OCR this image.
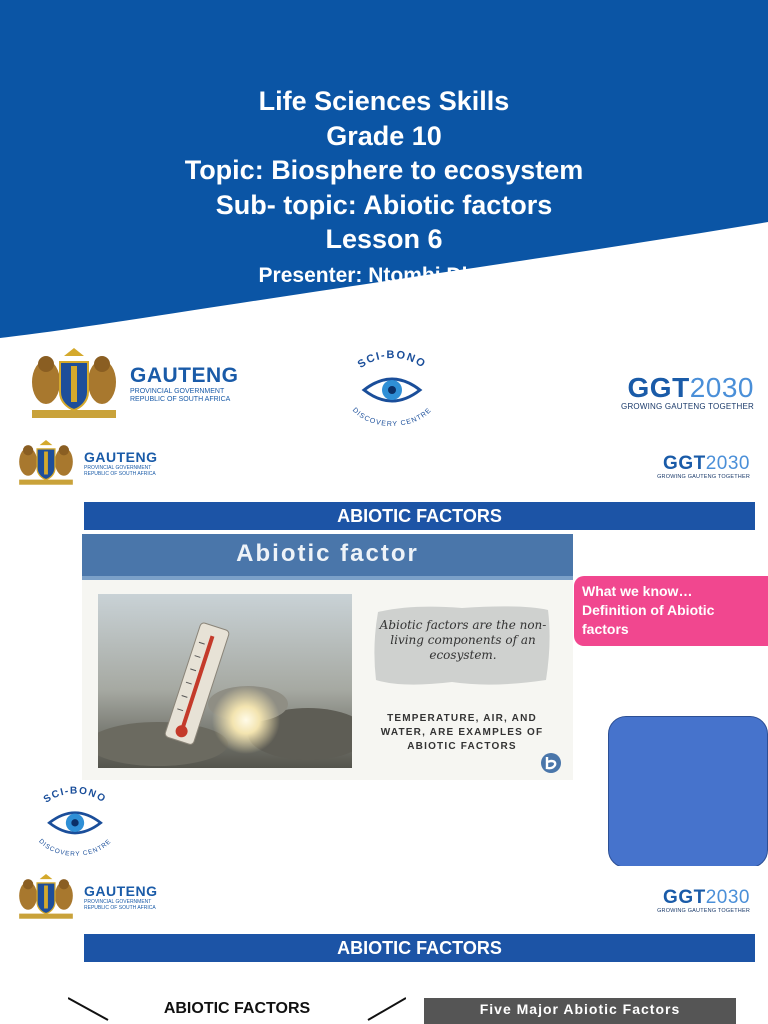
Life Sciences Skills
Grade 10
Topic: Biosphere to ecosystem
Sub- topic: Abiotic factors
Lesson 6
Presenter: Ntombi Dladla
GAUTENG
PROVINCIAL GOVERNMENT
REPUBLIC OF SOUTH AFRICA
SCI-BONO
DISCOVERY CENTRE
GGT2030
GROWING GAUTENG TOGETHER
GAUTENG
PROVINCIAL GOVERNMENT
REPUBLIC OF SOUTH AFRICA	GGT2030
GROWING GAUTENG TOGETHER
ABIOTIC FACTORS
Abiotic factor
Abiotic factors are the non-living components of an ecosystem.
TEMPERATURE, AIR, AND WATER, ARE EXAMPLES OF ABIOTIC FACTORS
What we know…
Definition of Abiotic
factors
SCI-BONO
DISCOVERY CENTRE
GAUTENG
PROVINCIAL GOVERNMENT
REPUBLIC OF SOUTH AFRICA	GGT2030
GROWING GAUTENG TOGETHER
ABIOTIC FACTORS
ABIOTIC FACTORS	Five Major Abiotic Factors
